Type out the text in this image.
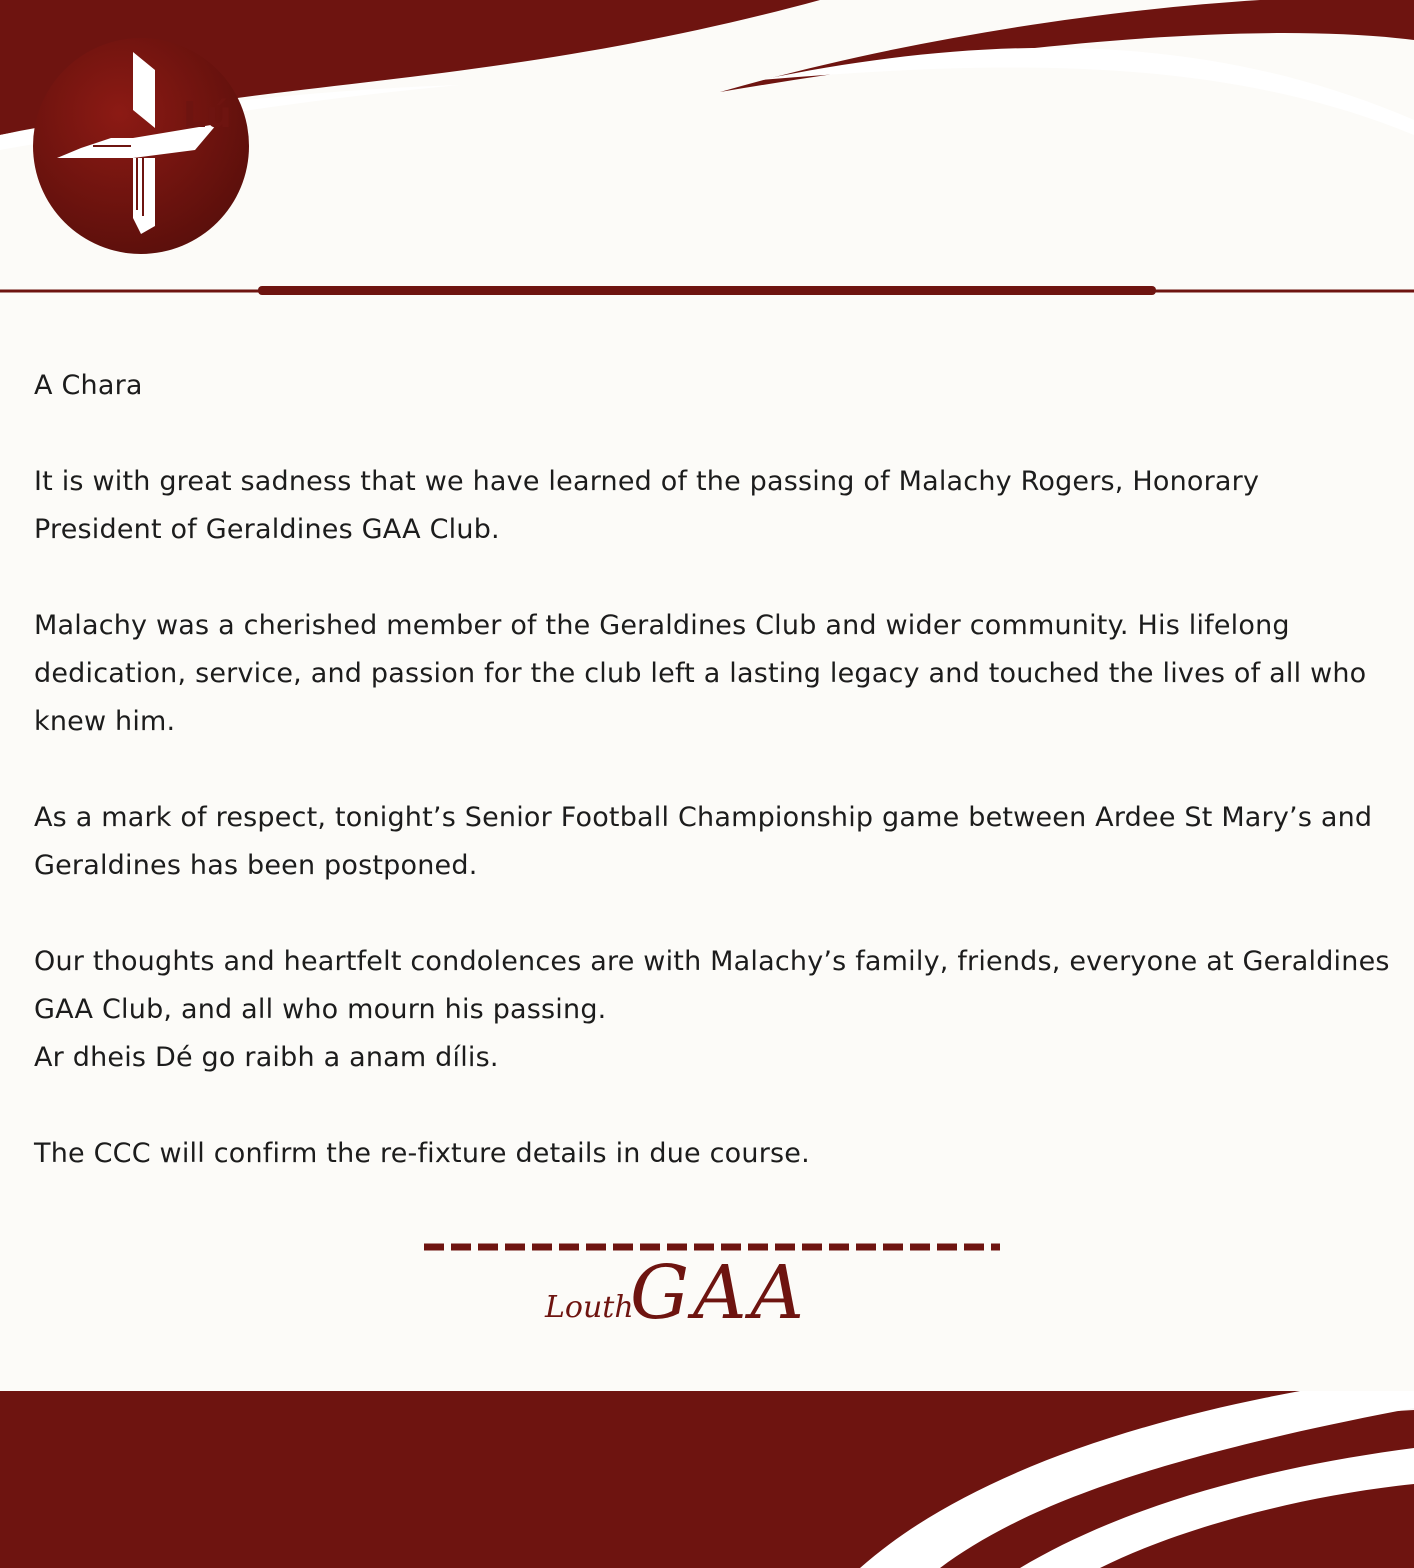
Lú

A Chara

It is with great sadness that we have learned of the passing of Malachy Rogers, Honorary President of Geraldines GAA Club.

Malachy was a cherished member of the Geraldines Club and wider community. His lifelong dedication, service, and passion for the club left a lasting legacy and touched the lives of all who knew him.

As a mark of respect, tonight’s Senior Football Championship game between Ardee St Mary’s and Geraldines has been postponed.

Our thoughts and heartfelt condolences are with Malachy’s family, friends, everyone at Geraldines GAA Club, and all who mourn his passing.
Ar dheis Dé go raibh a anam dílis.

The CCC will confirm the re-fixture details in due course.

Louth
GAA
